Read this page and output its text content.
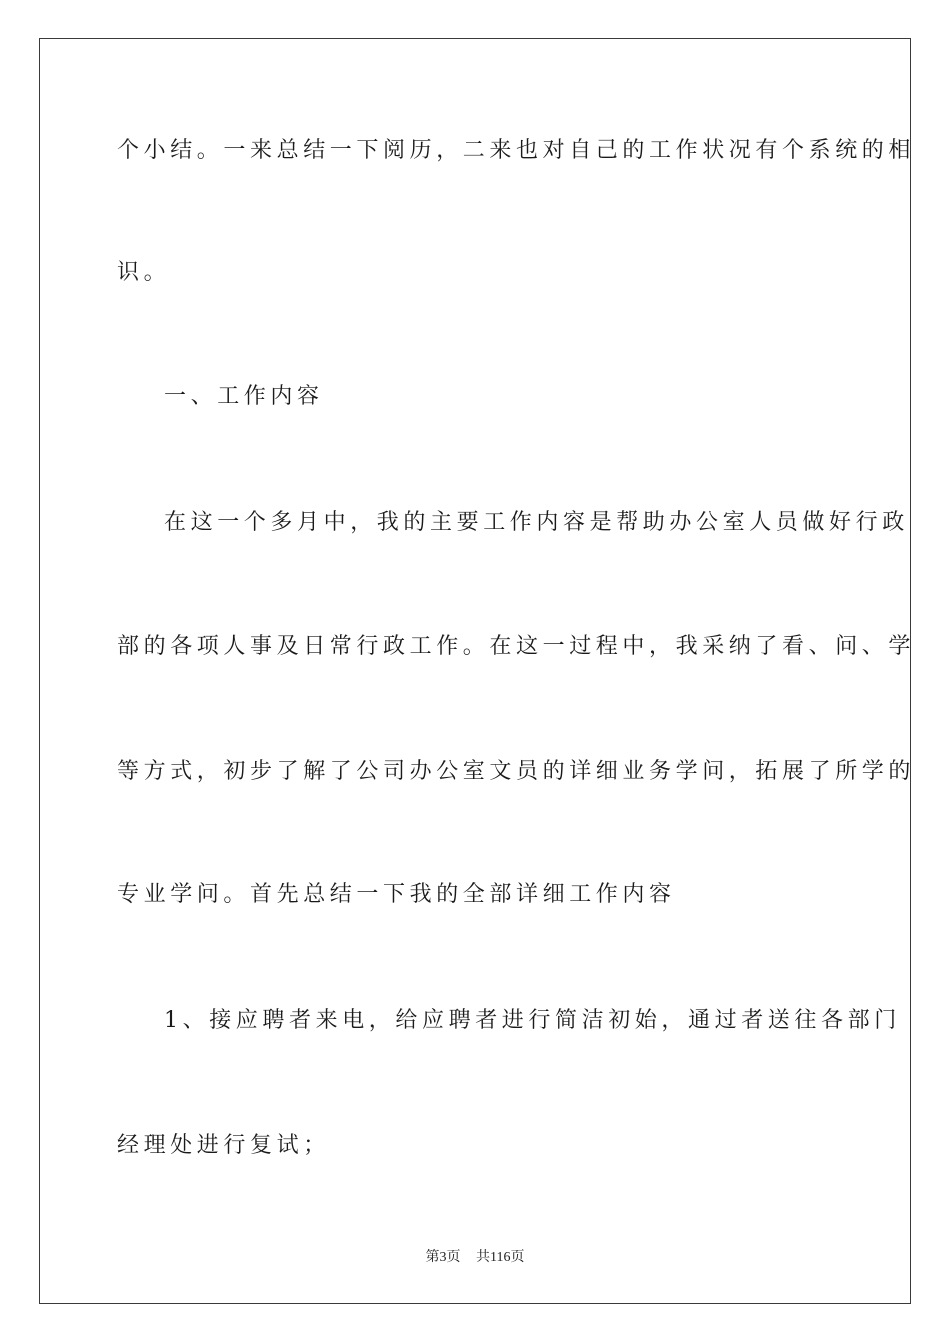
个小结。一来总结一下阅历，二来也对自己的工作状况有个系统的相
识。
一、工作内容
在这一个多月中，我的主要工作内容是帮助办公室人员做好行政
部的各项人事及日常行政工作。在这一过程中，我采纳了看、问、学
等方式，初步了解了公司办公室文员的详细业务学问，拓展了所学的
专业学问。首先总结一下我的全部详细工作内容
1、接应聘者来电，给应聘者进行简洁初始，通过者送往各部门
经理处进行复试；
第3页 共116页
